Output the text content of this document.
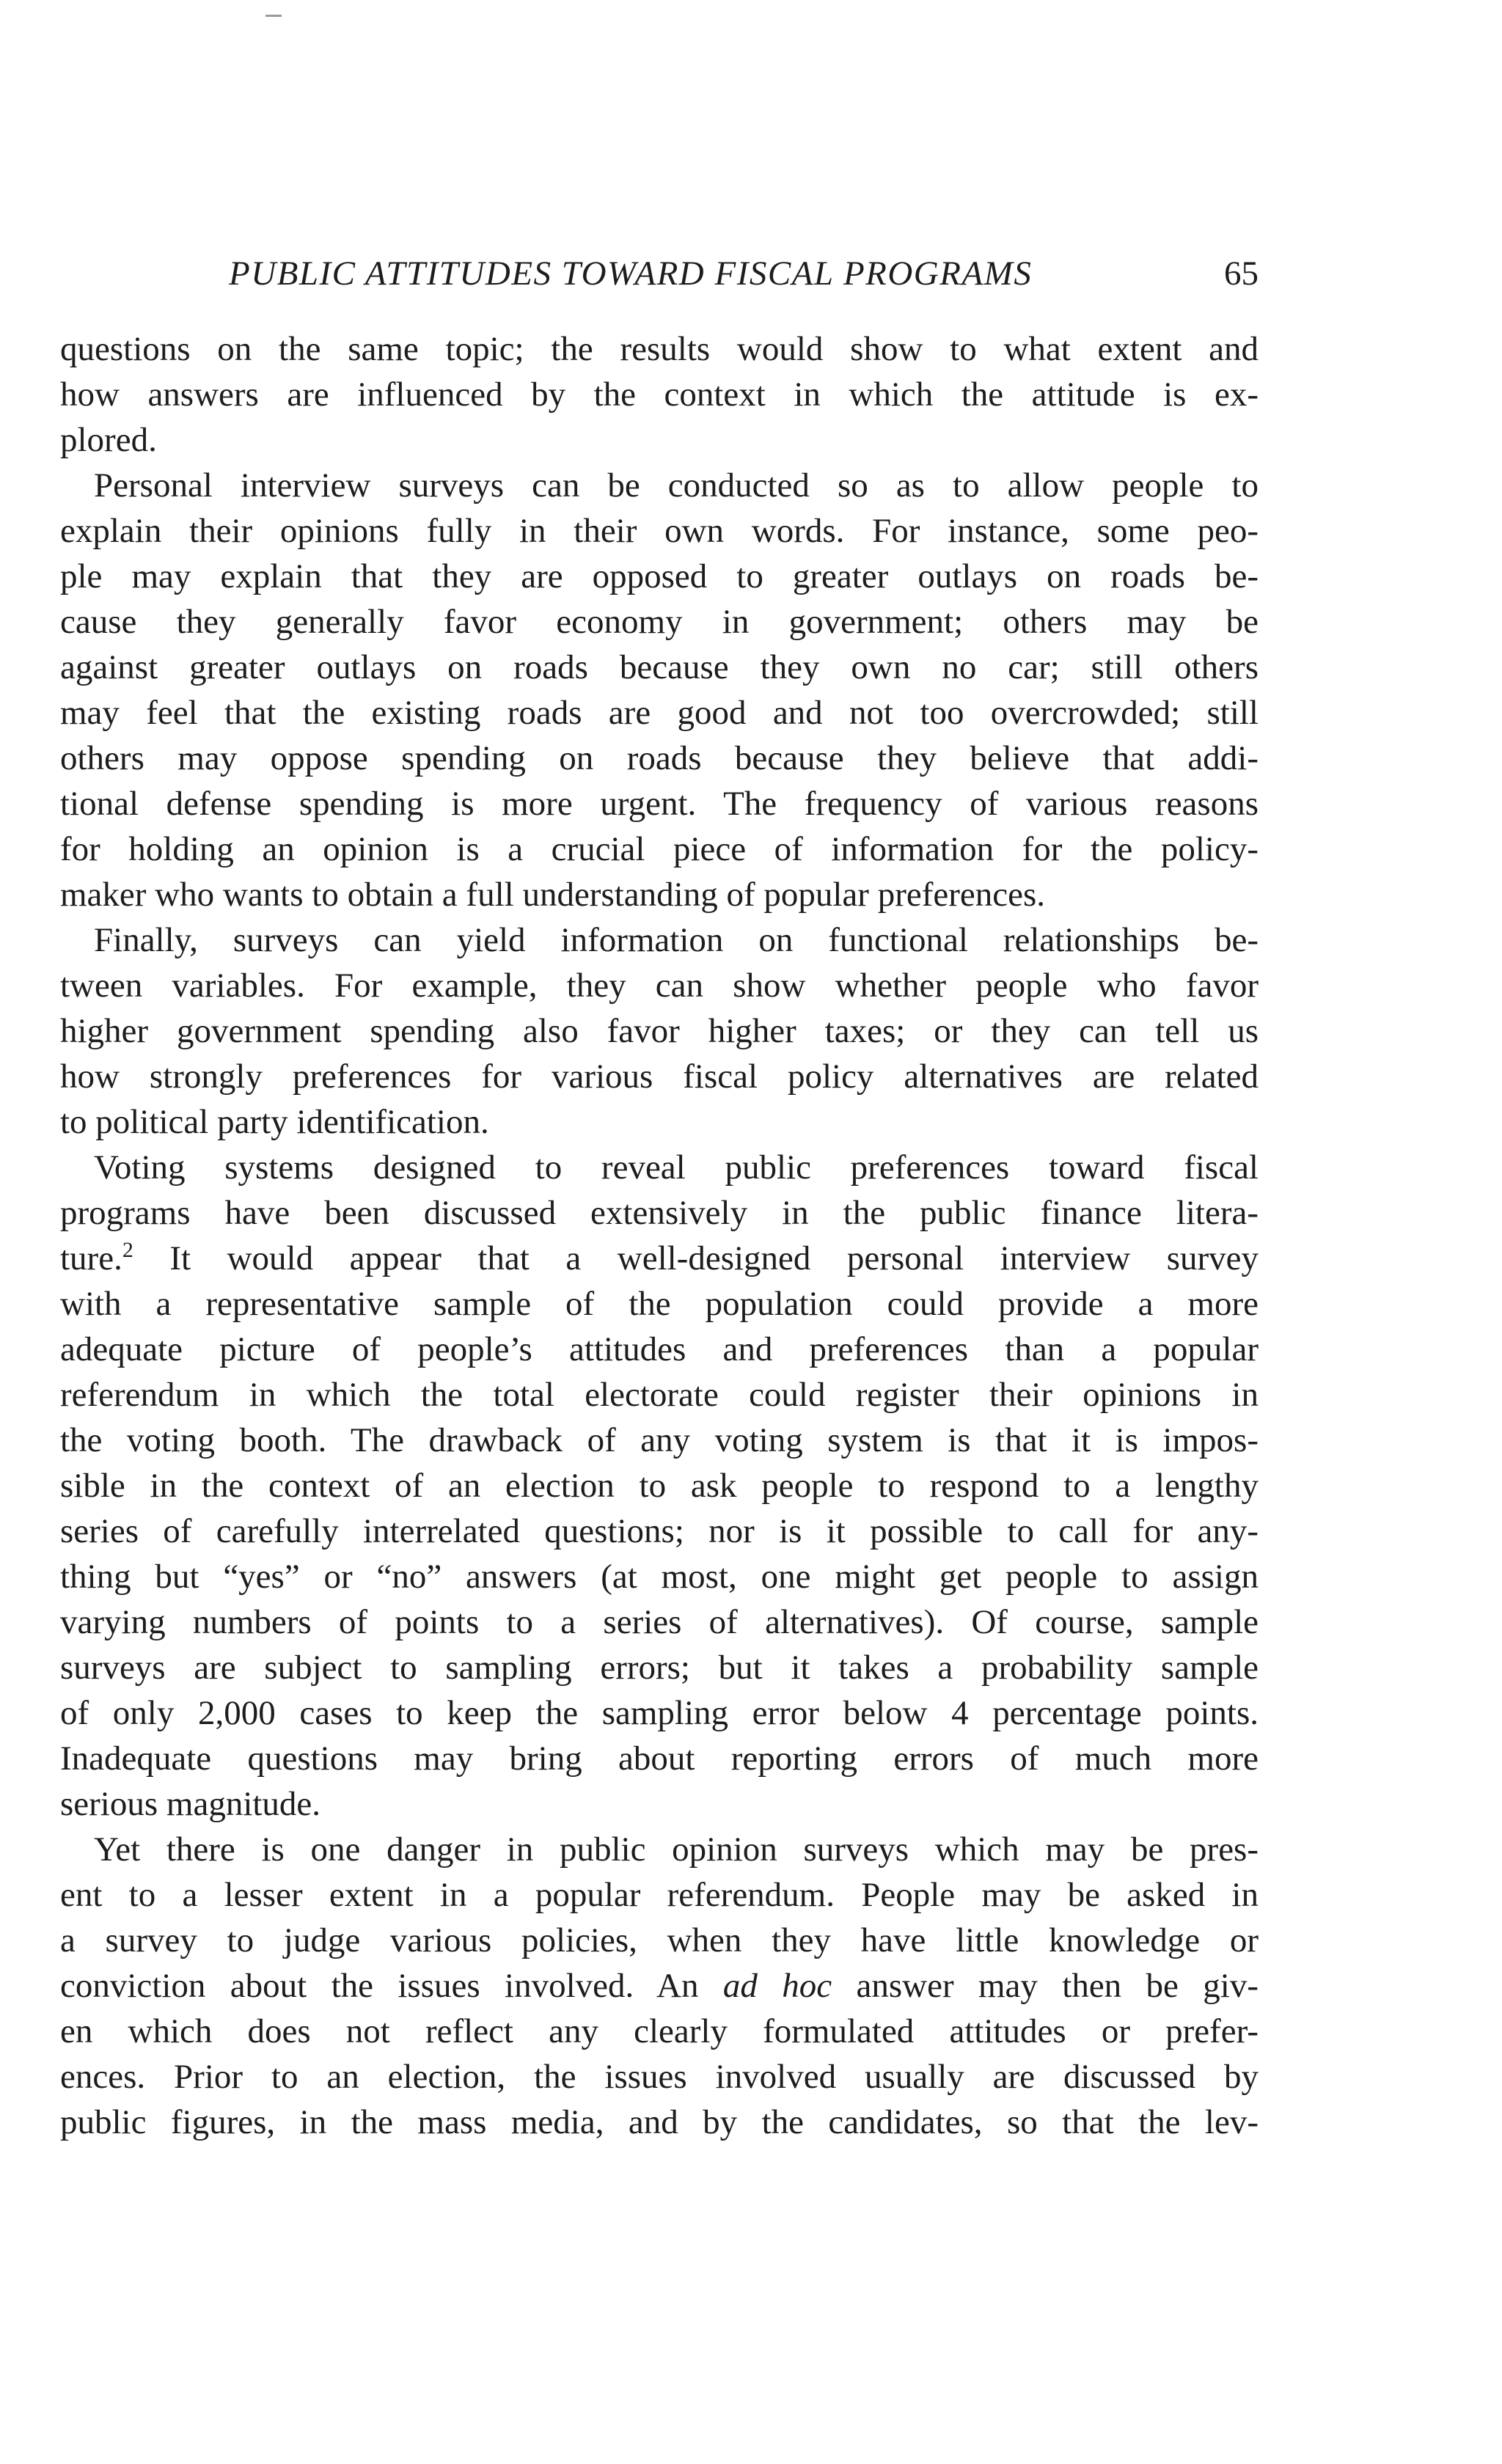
PUBLIC ATTITUDES TOWARD FISCAL PROGRAMS	65
questions on the same topic; the results would show to what extent and
how answers are influenced by the context in which the attitude is ex-
plored.
Personal interview surveys can be conducted so as to allow people to
explain their opinions fully in their own words. For instance, some peo-
ple may explain that they are opposed to greater outlays on roads be-
cause they generally favor economy in government; others may be
against greater outlays on roads because they own no car; still others
may feel that the existing roads are good and not too overcrowded; still
others may oppose spending on roads because they believe that addi-
tional defense spending is more urgent. The frequency of various reasons
for holding an opinion is a crucial piece of information for the policy-
maker who wants to obtain a full understanding of popular preferences.
Finally, surveys can yield information on functional relationships be-
tween variables. For example, they can show whether people who favor
higher government spending also favor higher taxes; or they can tell us
how strongly preferences for various fiscal policy alternatives are related
to political party identification.
Voting systems designed to reveal public preferences toward fiscal
programs have been discussed extensively in the public finance litera-
ture.$^2$ It would appear that a well-designed personal interview survey
with a representative sample of the population could provide a more
adequate picture of people’s attitudes and preferences than a popular
referendum in which the total electorate could register their opinions in
the voting booth. The drawback of any voting system is that it is impos-
sible in the context of an election to ask people to respond to a lengthy
series of carefully interrelated questions; nor is it possible to call for any-
thing but “yes” or “no” answers (at most, one might get people to assign
varying numbers of points to a series of alternatives). Of course, sample
surveys are subject to sampling errors; but it takes a probability sample
of only 2,000 cases to keep the sampling error below 4 percentage points.
Inadequate questions may bring about reporting errors of much more
serious magnitude.
Yet there is one danger in public opinion surveys which may be pres-
ent to a lesser extent in a popular referendum. People may be asked in
a survey to judge various policies, when they have little knowledge or
conviction about the issues involved. An ad hoc answer may then be giv-
en which does not reflect any clearly formulated attitudes or prefer-
ences. Prior to an election, the issues involved usually are discussed by
public figures, in the mass media, and by the candidates, so that the lev-
